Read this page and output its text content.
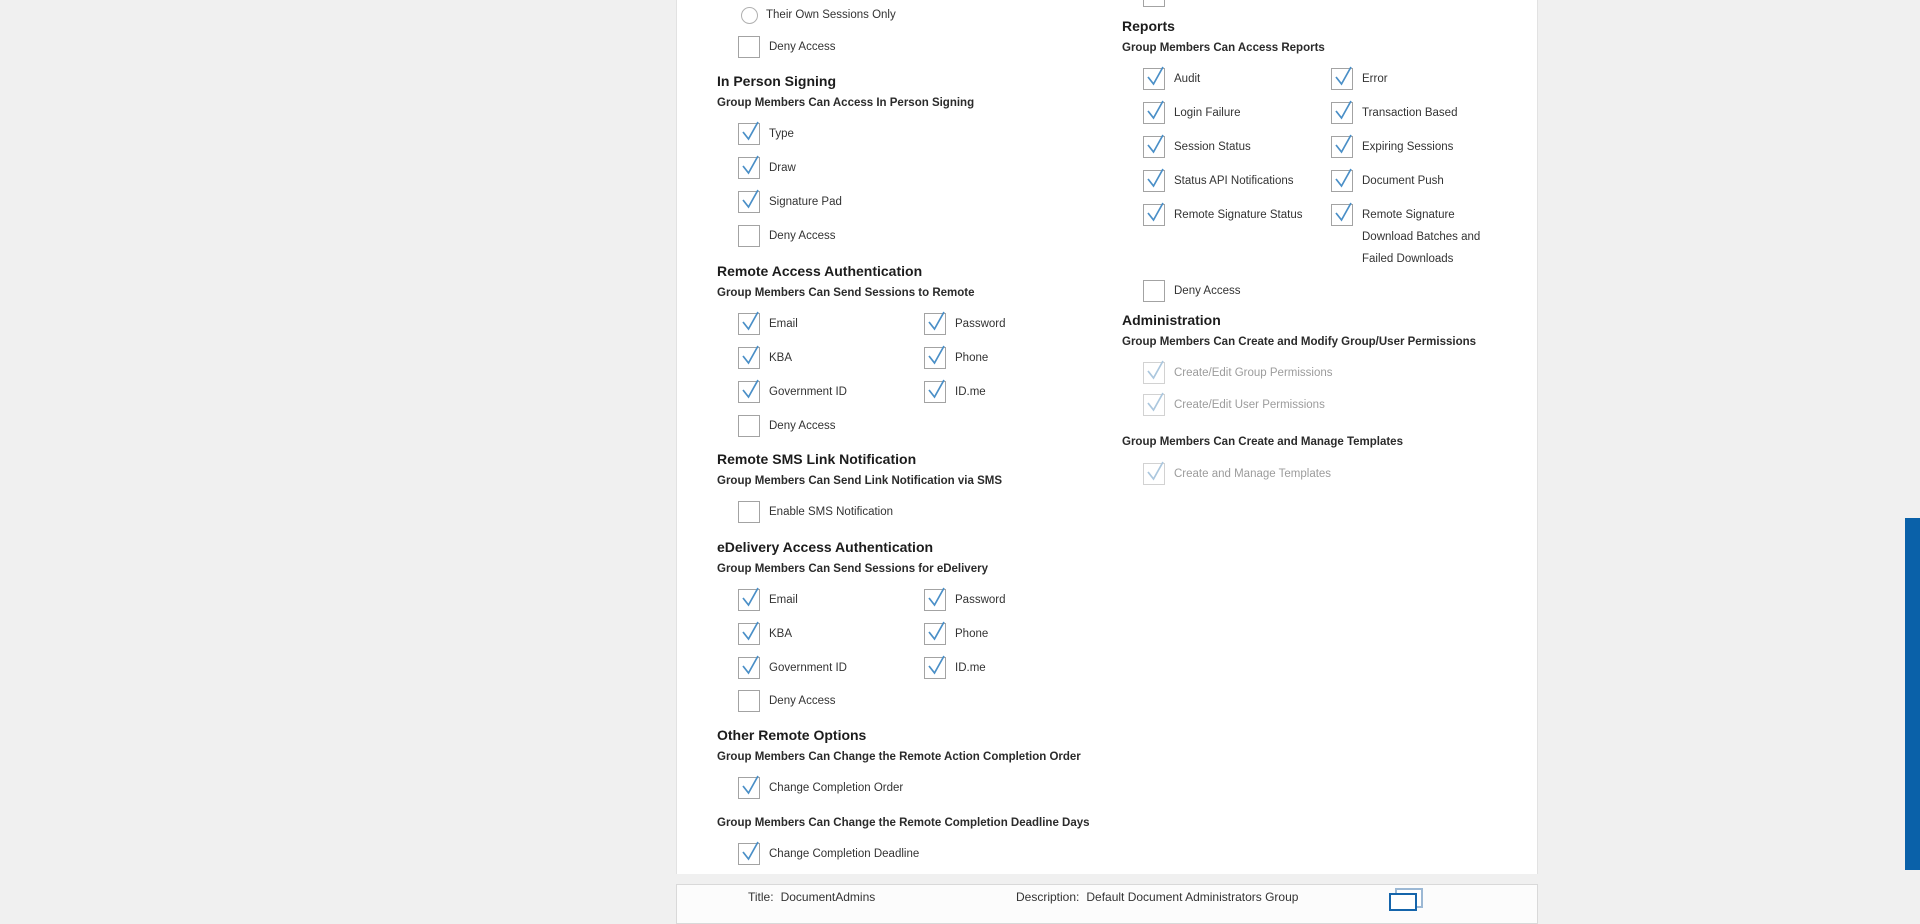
Their Own Sessions Only
Deny Access
In Person Signing
Group Members Can Access In Person Signing
Type
Draw
Signature Pad
Deny Access
Remote Access Authentication
Group Members Can Send Sessions to Remote
Email	Password
KBA	Phone
Government ID	ID.me
Deny Access
Remote SMS Link Notification
Group Members Can Send Link Notification via SMS
Enable SMS Notification
eDelivery Access Authentication
Group Members Can Send Sessions for eDelivery
Email	Password
KBA	Phone
Government ID	ID.me
Deny Access
Other Remote Options
Group Members Can Change the Remote Action Completion Order
Change Completion Order
Group Members Can Change the Remote Completion Deadline Days
Change Completion Deadline
Reports
Group Members Can Access Reports
Audit	Error
Login Failure	Transaction Based
Session Status	Expiring Sessions
Status API Notifications	Document Push
Remote Signature Status	Remote Signature Download Batches and Failed Downloads
Deny Access
Administration
Group Members Can Create and Modify Group/User Permissions
Create/Edit Group Permissions
Create/Edit User Permissions
Group Members Can Create and Manage Templates
Create and Manage Templates
Title: DocumentAdmins	Description: Default Document Administrators Group
